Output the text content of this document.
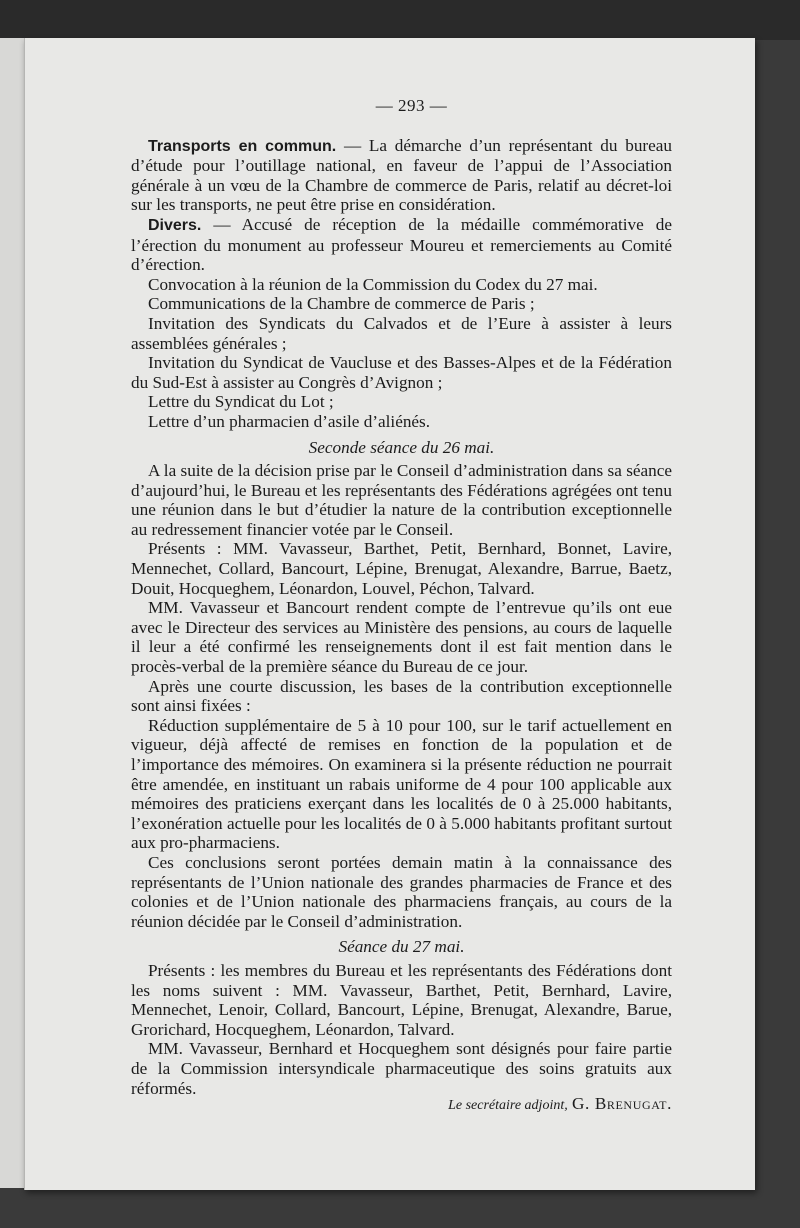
— 293 —

Transports en commun. — La démarche d’un représentant du bureau d’étude pour l’outillage national, en faveur de l’appui de l’Association générale à un vœu de la Chambre de commerce de Paris, relatif au décret-loi sur les transports, ne peut être prise en considération.

Divers. — Accusé de réception de la médaille commémorative de l’érection du monument au professeur Moureu et remerciements au Comité d’érection.

Convocation à la réunion de la Commission du Codex du 27 mai.

Communications de la Chambre de commerce de Paris ;

Invitation des Syndicats du Calvados et de l’Eure à assister à leurs assemblées générales ;

Invitation du Syndicat de Vaucluse et des Basses-Alpes et de la Fédération du Sud-Est à assister au Congrès d’Avignon ;

Lettre du Syndicat du Lot ;

Lettre d’un pharmacien d’asile d’aliénés.

Seconde séance du 26 mai.

A la suite de la décision prise par le Conseil d’administration dans sa séance d’aujourd’hui, le Bureau et les représentants des Fédérations agrégées ont tenu une réunion dans le but d’étudier la nature de la contribution exceptionnelle au redressement financier votée par le Conseil.

Présents : MM. Vavasseur, Barthet, Petit, Bernhard, Bonnet, Lavire, Mennechet, Collard, Bancourt, Lépine, Brenugat, Alexandre, Barrue, Baetz, Douit, Hocqueghem, Léonardon, Louvel, Péchon, Talvard.

MM. Vavasseur et Bancourt rendent compte de l’entrevue qu’ils ont eue avec le Directeur des services au Ministère des pensions, au cours de laquelle il leur a été confirmé les renseignements dont il est fait mention dans le procès-verbal de la première séance du Bureau de ce jour.

Après une courte discussion, les bases de la contribution exceptionnelle sont ainsi fixées :

Réduction supplémentaire de 5 à 10 pour 100, sur le tarif actuellement en vigueur, déjà affecté de remises en fonction de la population et de l’importance des mémoires. On examinera si la présente réduction ne pourrait être amendée, en instituant un rabais uniforme de 4 pour 100 applicable aux mémoires des praticiens exerçant dans les localités de 0 à 25.000 habitants, l’exonération actuelle pour les localités de 0 à 5.000 habitants profitant surtout aux pro-pharmaciens.

Ces conclusions seront portées demain matin à la connaissance des représentants de l’Union nationale des grandes pharmacies de France et des colonies et de l’Union nationale des pharmaciens français, au cours de la réunion décidée par le Conseil d’administration.

Séance du 27 mai.

Présents : les membres du Bureau et les représentants des Fédérations dont les noms suivent : MM. Vavasseur, Barthet, Petit, Bernhard, Lavire, Mennechet, Lenoir, Collard, Bancourt, Lépine, Brenugat, Alexandre, Barue, Grorichard, Hocqueghem, Léonardon, Talvard.

MM. Vavasseur, Bernhard et Hocqueghem sont désignés pour faire partie de la Commission intersyndicale pharmaceutique des soins gratuits aux réformés.

Le secrétaire adjoint, G. Brenugat.
